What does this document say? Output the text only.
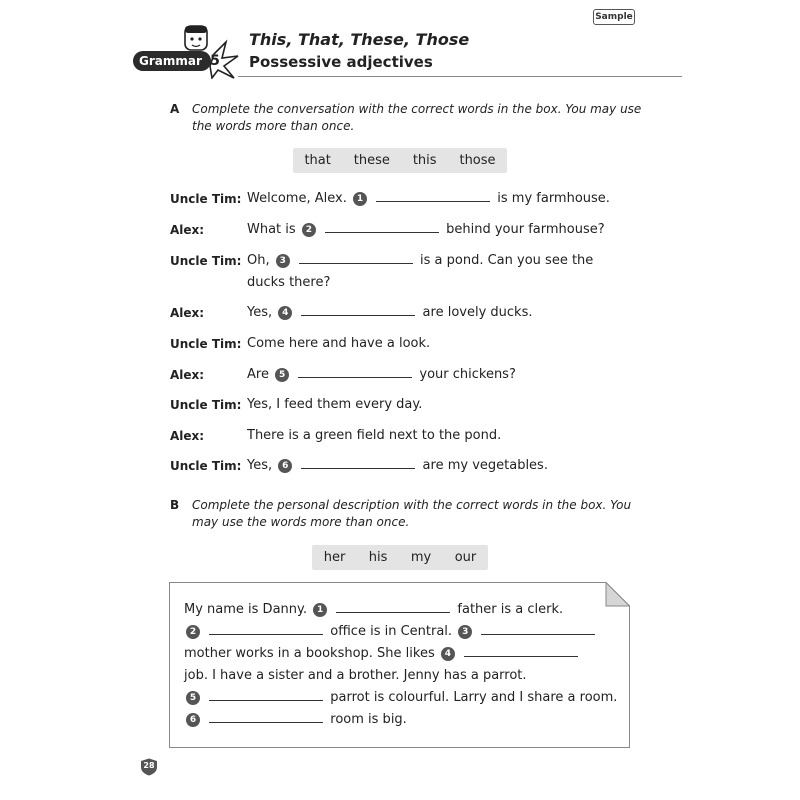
Sample
Grammar 5
This, That, These, Those
Possessive adjectives
A Complete the conversation with the correct words in the box. You may use the words more than once.
that these this those
Uncle Tim: Welcome, Alex. 1	is my farmhouse.
Alex:	What is 2	behind your farmhouse?
Uncle Tim: Oh, 3	is a pond. Can you see the ducks there?
Alex:	Yes, 4	are lovely ducks.
Uncle Tim: Come here and have a look.
Alex:	Are 5	your chickens?
Uncle Tim: Yes, I feed them every day.
Alex:	There is a green field next to the pond.
Uncle Tim: Yes, 6	are my vegetables.
B Complete the personal description with the correct words in the box. You may use the words more than once.
her his my our
My name is Danny. 1	father is a clerk.
2	office is in Central. 3
mother works in a bookshop. She likes 4
job. I have a sister and a brother. Jenny has a parrot.
5	parrot is colourful. Larry and I share a room.
6	room is big.
28
